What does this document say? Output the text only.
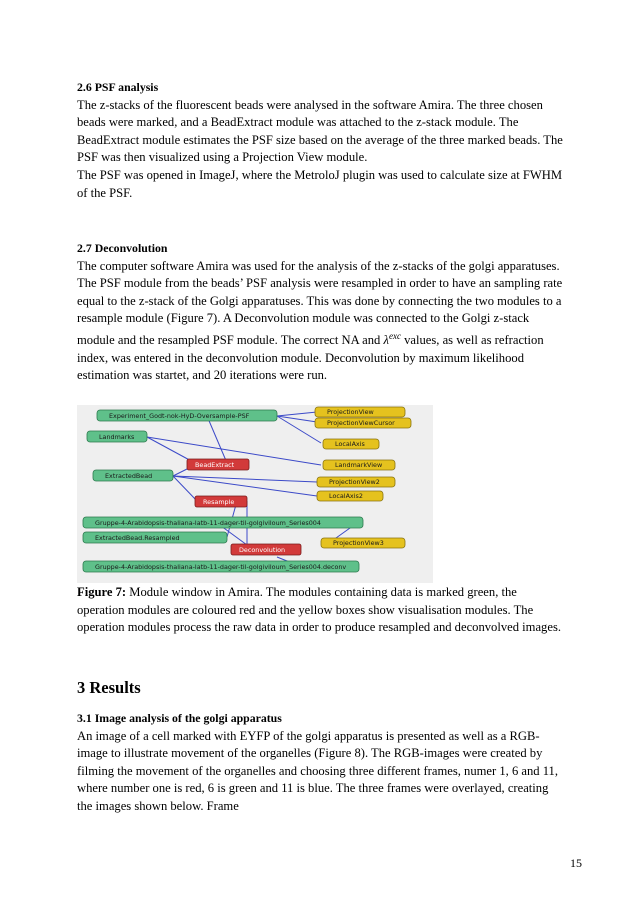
2.6 PSF analysis

The z-stacks of the fluorescent beads were analysed in the software Amira. The three chosen beads were marked, and a BeadExtract module was attached to the z-stack module. The BeadExtract module estimates the PSF size based on the average of the three marked beads. The PSF was then visualized using a Projection View module.

The PSF was opened in ImageJ, where the MetroloJ plugin was used to calculate size at FWHM of the PSF.

2.7 Deconvolution

The computer software Amira was used for the analysis of the z-stacks of the golgi apparatuses. The PSF module from the beads’ PSF analysis were resampled in order to have an sampling rate equal to the z-stack of the Golgi apparatuses. This was done by connecting the two modules to a resample module (Figure 7). A Deconvolution module was connected to the Golgi z-stack module and the resampled PSF module. The correct NA and $\lambda^{exc}$ values, as well as refraction index, was entered in the deconvolution module. Deconvolution by maximum likelihood estimation was startet, and 20 iterations were run.

Experiment_Godt-nok-HyD-Oversample-PSF
Landmarks
ExtractedBead
Gruppe-4-Arabidopsis-thaliana-latb-11-dager-til-golgiviloum_Series004
ExtractedBead.Resampled
Gruppe-4-Arabidopsis-thaliana-latb-11-dager-til-golgiviloum_Series004.deconv
BeadExtract
Resample
Deconvolution
ProjectionView
ProjectionViewCursor
LocalAxis
LandmarkView
ProjectionView2
LocalAxis2
ProjectionView3

Figure 7: Module window in Amira. The modules containing data is marked green, the operation modules are coloured red and the yellow boxes show visualisation modules. The operation modules process the raw data in order to produce resampled and deconvolved images.

3 Results
3.1 Image analysis of the golgi apparatus

An image of a cell marked with EYFP of the golgi apparatus is presented as well as a RGB-image to illustrate movement of the organelles (Figure 8). The RGB-images were created by filming the movement of the organelles and choosing three different frames, numer 1, 6 and 11, where number one is red, 6 is green and 11 is blue. The three frames were overlayed, creating the images shown below. Frame

15
